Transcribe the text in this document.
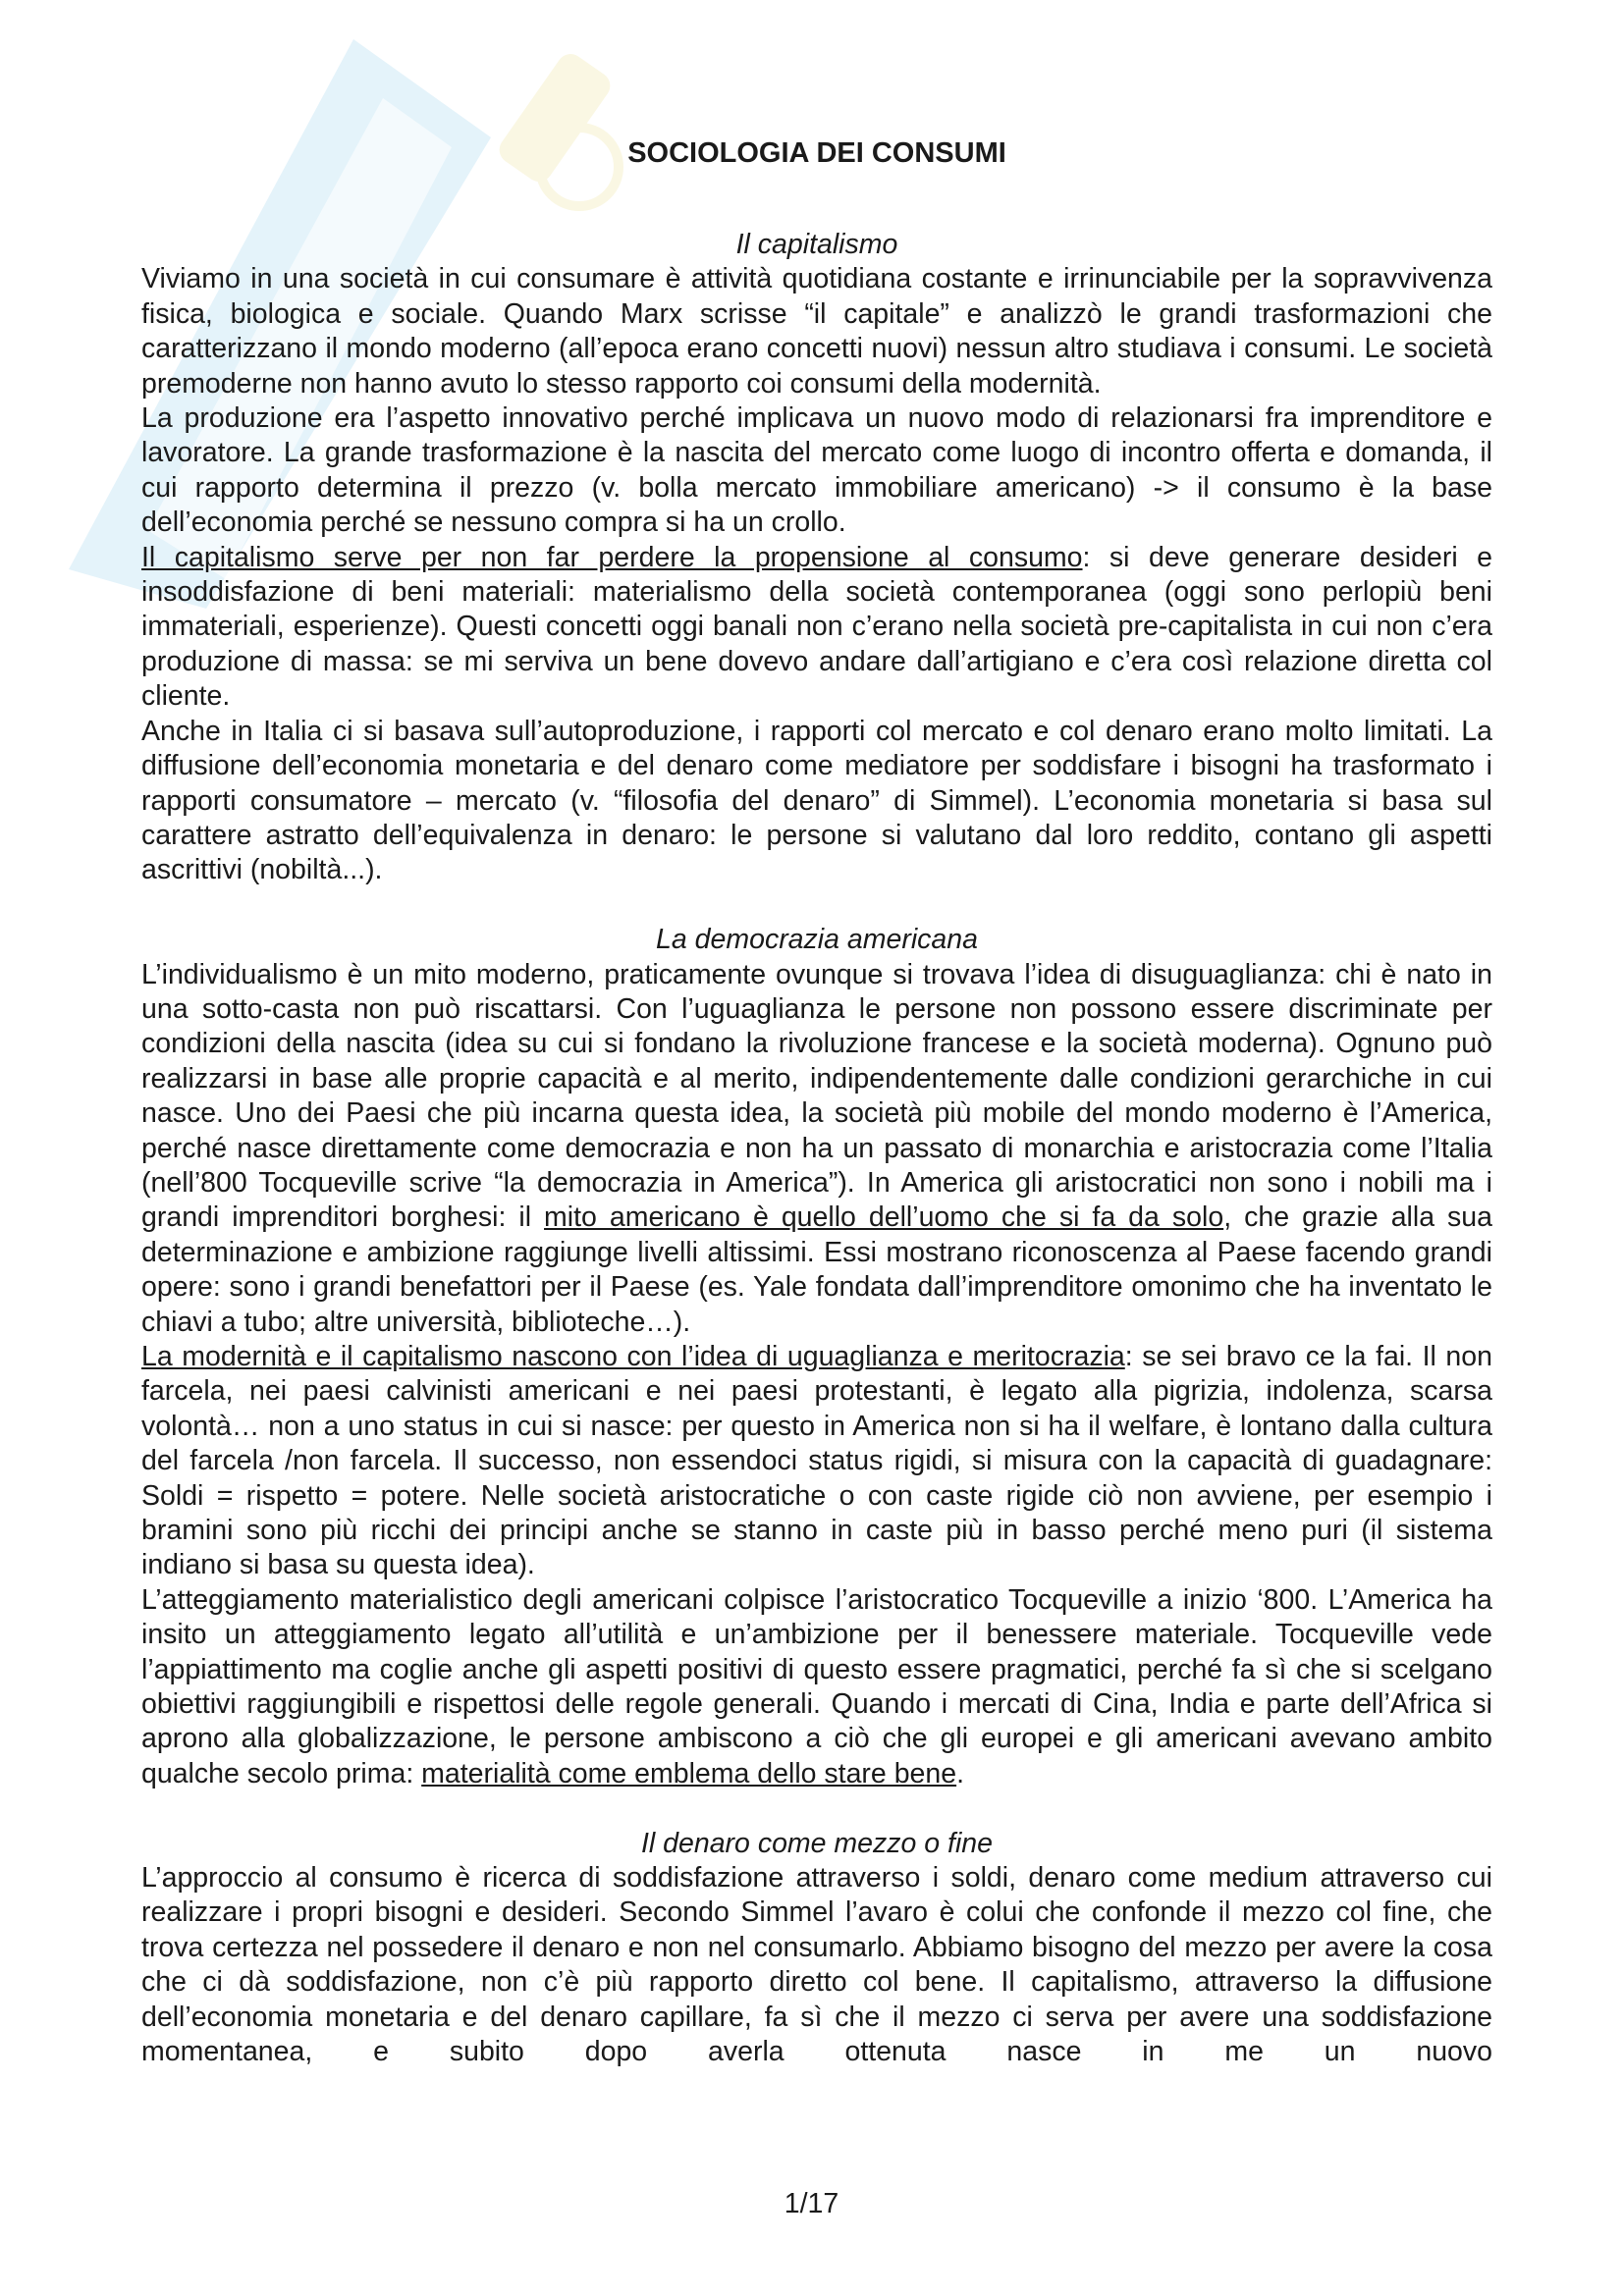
SOCIOLOGIA DEI CONSUMI
Il capitalismo

Viviamo in una società in cui consumare è attività quotidiana costante e irrinunciabile per la sopravvivenza fisica, biologica e sociale. Quando Marx scrisse “il capitale” e analizzò le grandi trasformazioni che caratterizzano il mondo moderno (all’epoca erano concetti nuovi) nessun altro studiava i consumi. Le società premoderne non hanno avuto lo stesso rapporto coi consumi della modernità.

La produzione era l’aspetto innovativo perché implicava un nuovo modo di relazionarsi fra imprenditore e lavoratore. La grande trasformazione è la nascita del mercato come luogo di incontro offerta e domanda, il cui rapporto determina il prezzo (v. bolla mercato immobiliare americano) -> il consumo è la base dell’economia perché se nessuno compra si ha un crollo.

Il capitalismo serve per non far perdere la propensione al consumo: si deve generare desideri e insoddisfazione di beni materiali: materialismo della società contemporanea (oggi sono perlopiù beni immateriali, esperienze). Questi concetti oggi banali non c’erano nella società pre-capitalista in cui non c’era produzione di massa: se mi serviva un bene dovevo andare dall’artigiano e c’era così relazione diretta col cliente.

Anche in Italia ci si basava sull’autoproduzione, i rapporti col mercato e col denaro erano molto limitati. La diffusione dell’economia monetaria e del denaro come mediatore per soddisfare i bisogni ha trasformato i rapporti consumatore – mercato (v. “filosofia del denaro” di Simmel). L’economia monetaria si basa sul carattere astratto dell’equivalenza in denaro: le persone si valutano dal loro reddito, contano gli aspetti ascrittivi (nobiltà...).

La democrazia americana

L’individualismo è un mito moderno, praticamente ovunque si trovava l’idea di disuguaglianza: chi è nato in una sotto-casta non può riscattarsi. Con l’uguaglianza le persone non possono essere discriminate per condizioni della nascita (idea su cui si fondano la rivoluzione francese e la società moderna). Ognuno può realizzarsi in base alle proprie capacità e al merito, indipendentemente dalle condizioni gerarchiche in cui nasce. Uno dei Paesi che più incarna questa idea, la società più mobile del mondo moderno è l’America, perché nasce direttamente come democrazia e non ha un passato di monarchia e aristocrazia come l’Italia (nell’800 Tocqueville scrive “la democrazia in America”). In America gli aristocratici non sono i nobili ma i grandi imprenditori borghesi: il mito americano è quello dell’uomo che si fa da solo, che grazie alla sua determinazione e ambizione raggiunge livelli altissimi. Essi mostrano riconoscenza al Paese facendo grandi opere: sono i grandi benefattori per il Paese (es. Yale fondata dall’imprenditore omonimo che ha inventato le chiavi a tubo; altre università, biblioteche…).

La modernità e il capitalismo nascono con l’idea di uguaglianza e meritocrazia: se sei bravo ce la fai. Il non farcela, nei paesi calvinisti americani e nei paesi protestanti, è legato alla pigrizia, indolenza, scarsa volontà… non a uno status in cui si nasce: per questo in America non si ha il welfare, è lontano dalla cultura del farcela /non farcela. Il successo, non essendoci status rigidi, si misura con la capacità di guadagnare: Soldi = rispetto = potere. Nelle società aristocratiche o con caste rigide ciò non avviene, per esempio i bramini sono più ricchi dei principi anche se stanno in caste più in basso perché meno puri (il sistema indiano si basa su questa idea).

L’atteggiamento materialistico degli americani colpisce l’aristocratico Tocqueville a inizio ‘800. L’America ha insito un atteggiamento legato all’utilità e un’ambizione per il benessere materiale. Tocqueville vede l’appiattimento ma coglie anche gli aspetti positivi di questo essere pragmatici, perché fa sì che si scelgano obiettivi raggiungibili e rispettosi delle regole generali. Quando i mercati di Cina, India e parte dell’Africa si aprono alla globalizzazione, le persone ambiscono a ciò che gli europei e gli americani avevano ambito qualche secolo prima: materialità come emblema dello stare bene.

Il denaro come mezzo o fine

L’approccio al consumo è ricerca di soddisfazione attraverso i soldi, denaro come medium attraverso cui realizzare i propri bisogni e desideri. Secondo Simmel l’avaro è colui che confonde il mezzo col fine, che trova certezza nel possedere il denaro e non nel consumarlo. Abbiamo bisogno del mezzo per avere la cosa che ci dà soddisfazione, non c’è più rapporto diretto col bene. Il capitalismo, attraverso la diffusione dell’economia monetaria e del denaro capillare, fa sì che il mezzo ci serva per avere una soddisfazione momentanea, e subito dopo averla ottenuta nasce in me un nuovo

1/17
